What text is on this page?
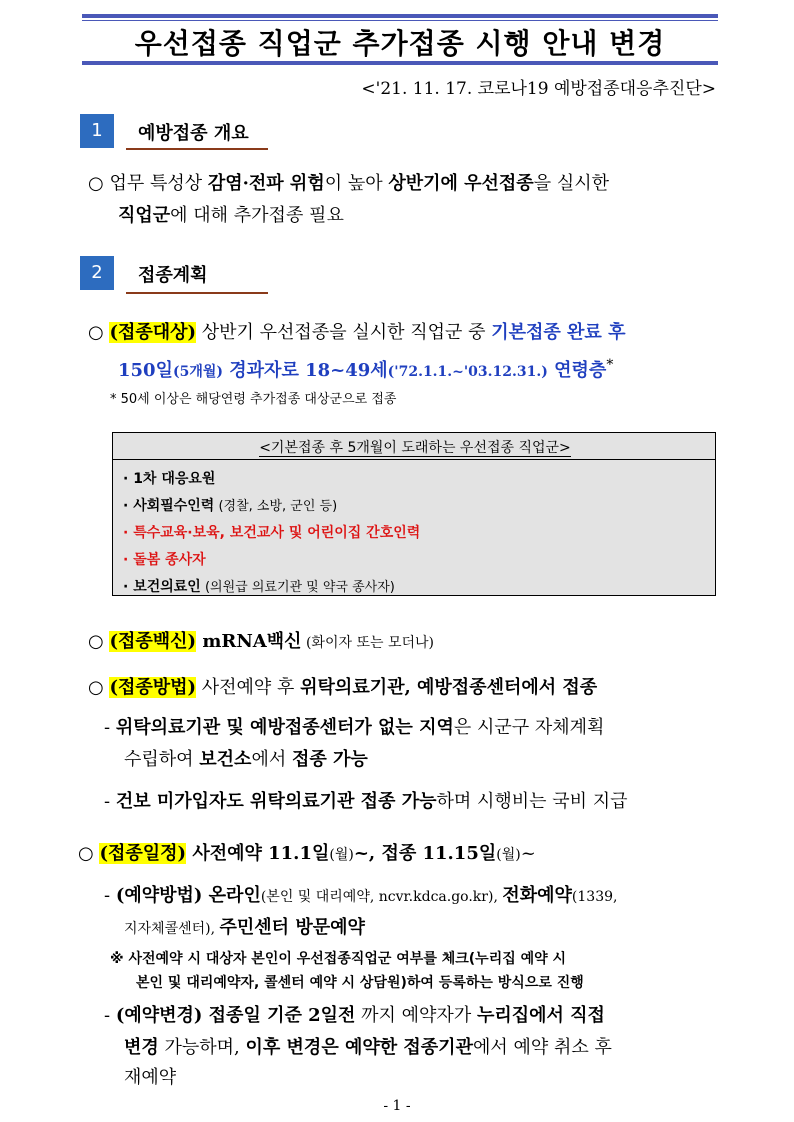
우선접종 직업군 추가접종 시행 안내 변경
<'21. 11. 17. 코로나19 예방접종대응추진단>
1	예방접종 개요
○ 업무 특성상 감염·전파 위험이 높아 상반기에 우선접종을 실시한
직업군에 대해 추가접종 필요
2	접종계획
○ (접종대상) 상반기 우선접종을 실시한 직업군 중 기본접종 완료 후
150일(5개월) 경과자로 18~49세('72.1.1.~'03.12.31.) 연령층*
* 50세 이상은 해당연령 추가접종 대상군으로 접종
<기본접종 후 5개월이 도래하는 우선접종 직업군>
· 1차 대응요원
· 사회필수인력 (경찰, 소방, 군인 등)
· 특수교육·보육, 보건교사 및 어린이집 간호인력
· 돌봄 종사자
· 보건의료인 (의원급 의료기관 및 약국 종사자)
○ (접종백신) mRNA백신 (화이자 또는 모더나)
○ (접종방법) 사전예약 후 위탁의료기관, 예방접종센터에서 접종
- 위탁의료기관 및 예방접종센터가 없는 지역은 시군구 자체계획
수립하여 보건소에서 접종 가능
- 건보 미가입자도 위탁의료기관 접종 가능하며 시행비는 국비 지급
○ (접종일정) 사전예약 11.1일(월)~, 접종 11.15일(월)~
- (예약방법) 온라인(본인 및 대리예약, ncvr.kdca.go.kr), 전화예약(1339,
지자체콜센터), 주민센터 방문예약
※ 사전예약 시 대상자 본인이 우선접종직업군 여부를 체크(누리집 예약 시
본인 및 대리예약자, 콜센터 예약 시 상담원)하여 등록하는 방식으로 진행
- (예약변경) 접종일 기준 2일전 까지 예약자가 누리집에서 직접
변경 가능하며, 이후 변경은 예약한 접종기관에서 예약 취소 후
재예약
- 1 -
